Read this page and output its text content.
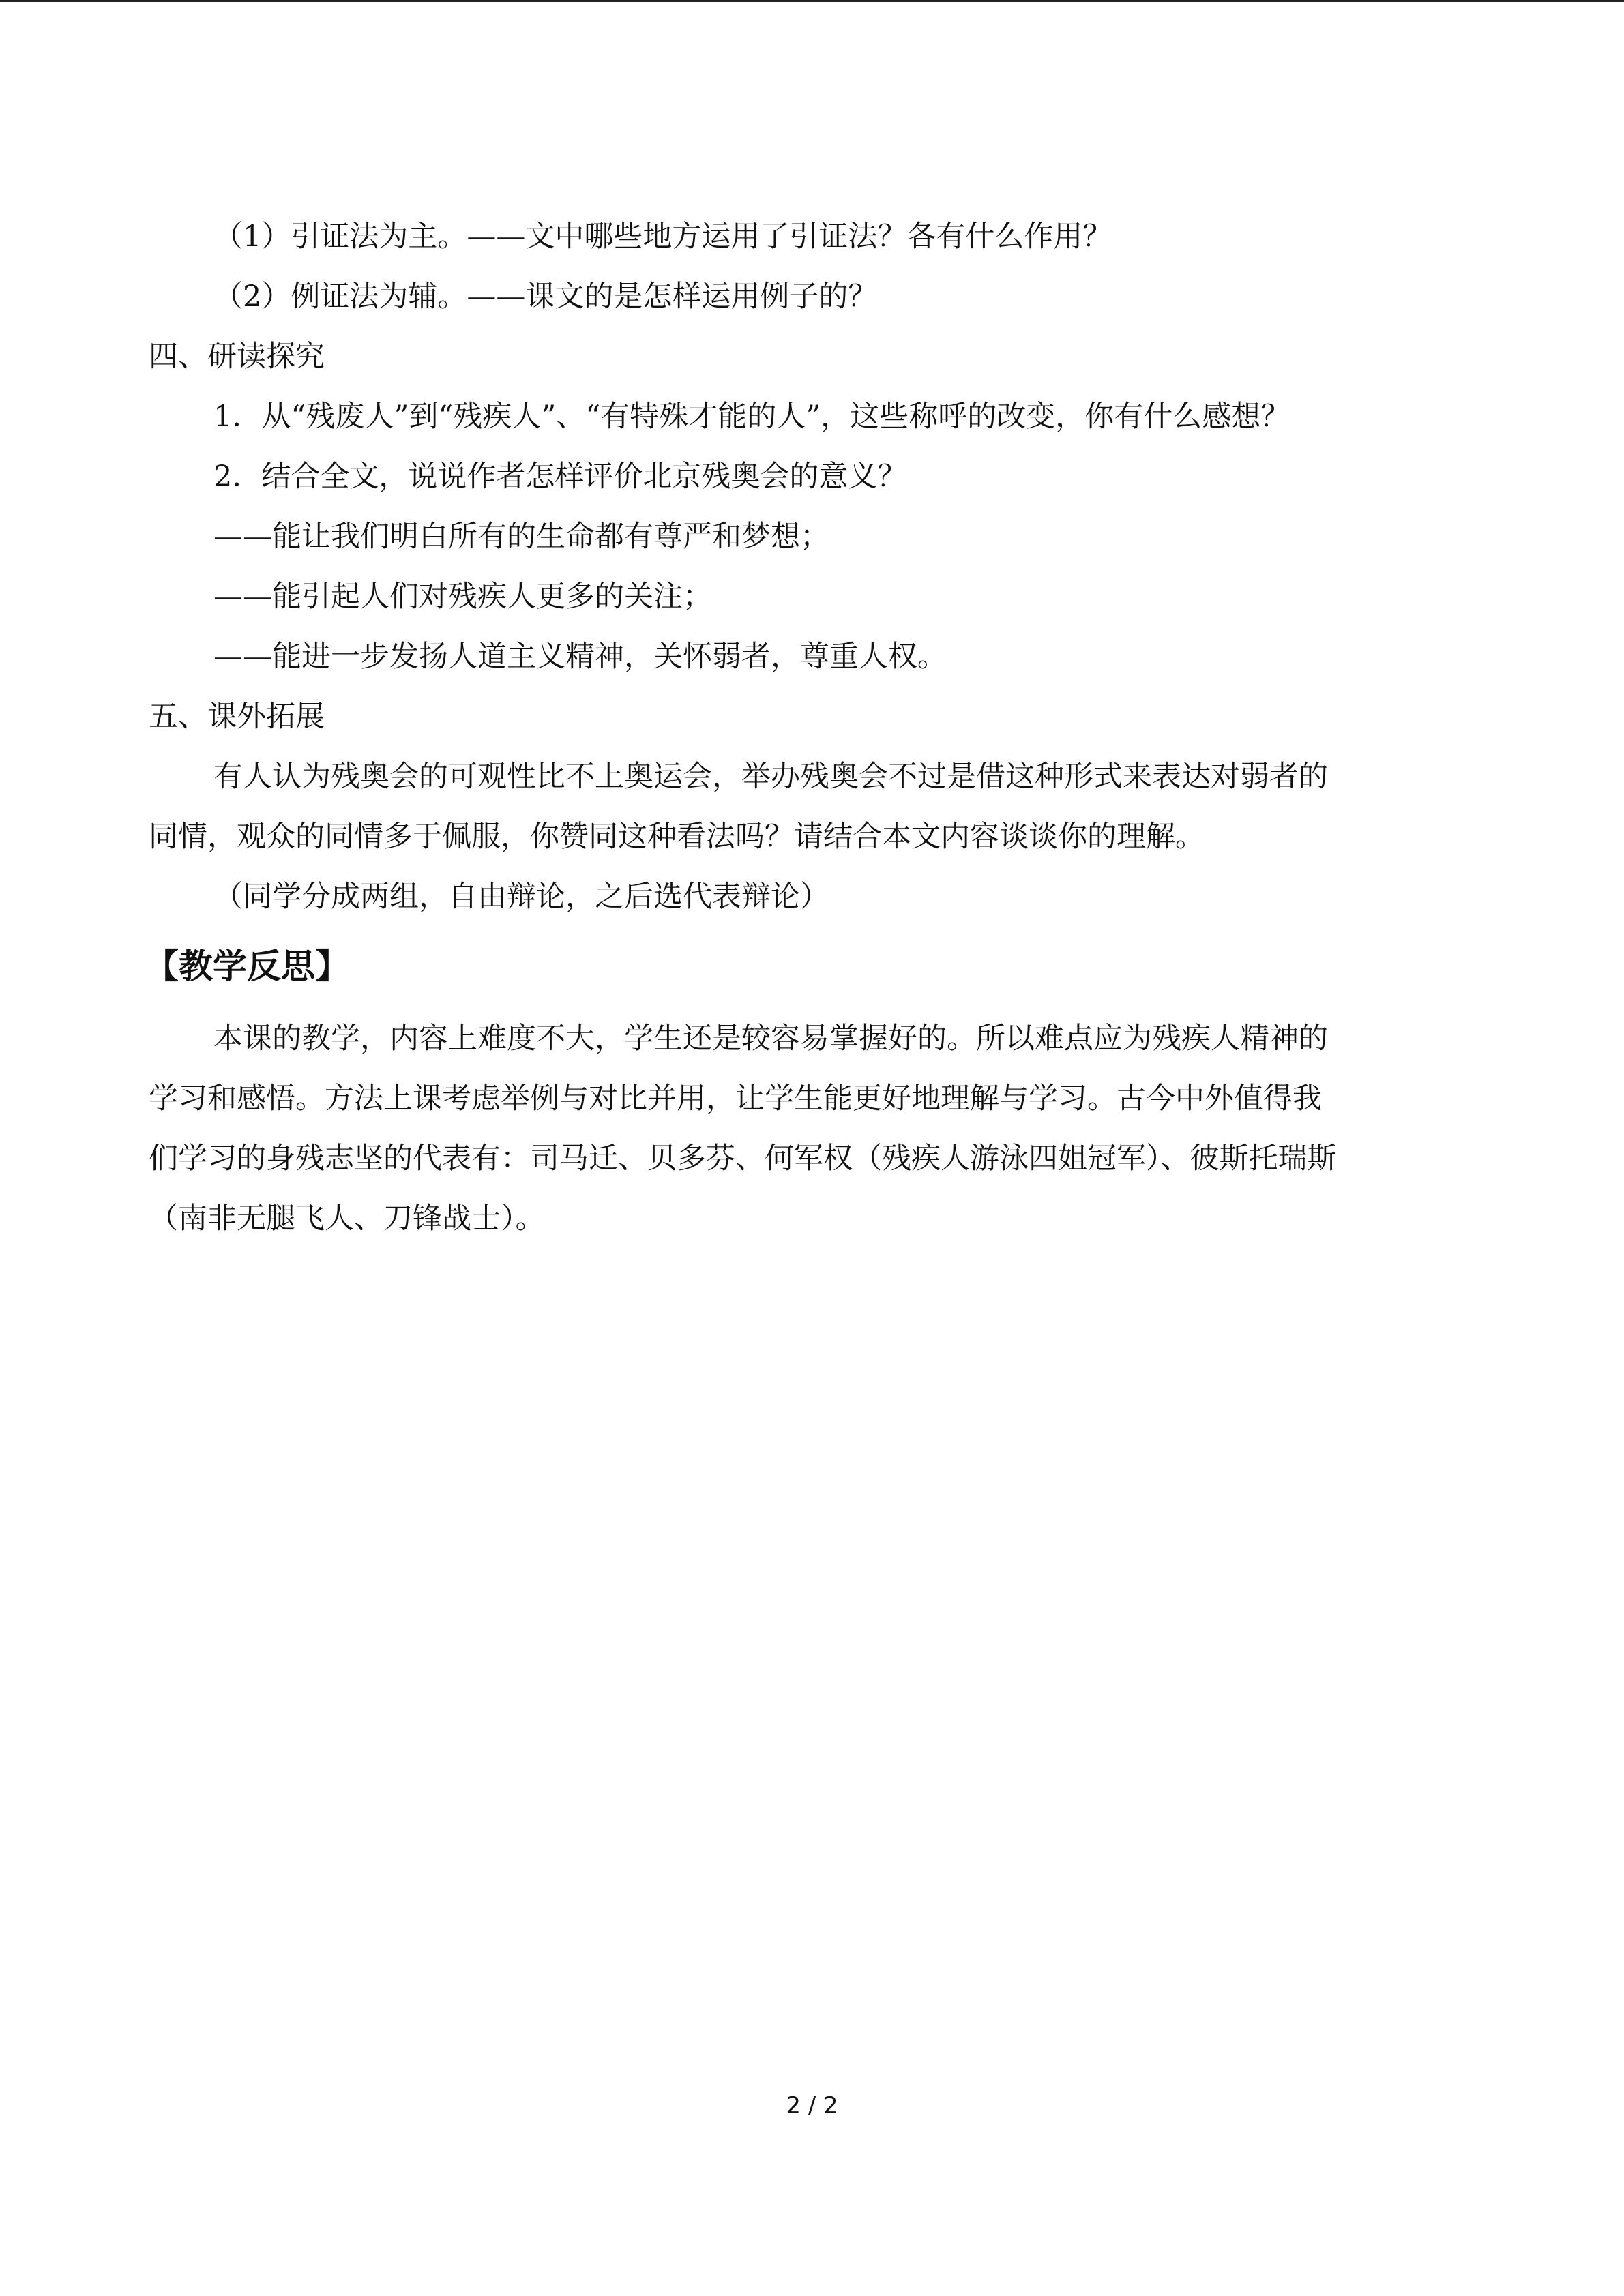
（1）引证法为主。——文中哪些地方运用了引证法？各有什么作用？
（2）例证法为辅。——课文的是怎样运用例子的？
四、研读探究
1．从“残废人”到“残疾人”、“有特殊才能的人”，这些称呼的改变，你有什么感想？
2．结合全文，说说作者怎样评价北京残奥会的意义？
——能让我们明白所有的生命都有尊严和梦想；
——能引起人们对残疾人更多的关注；
——能进一步发扬人道主义精神，关怀弱者，尊重人权。
五、课外拓展
有人认为残奥会的可观性比不上奥运会，举办残奥会不过是借这种形式来表达对弱者的
同情，观众的同情多于佩服，你赞同这种看法吗？请结合本文内容谈谈你的理解。
（同学分成两组，自由辩论，之后选代表辩论）
【教学反思】
本课的教学，内容上难度不大，学生还是较容易掌握好的。所以难点应为残疾人精神的
学习和感悟。方法上课考虑举例与对比并用，让学生能更好地理解与学习。古今中外值得我
们学习的身残志坚的代表有：司马迁、贝多芬、何军权（残疾人游泳四姐冠军）、彼斯托瑞斯
（南非无腿飞人、刀锋战士）。
2 / 2
